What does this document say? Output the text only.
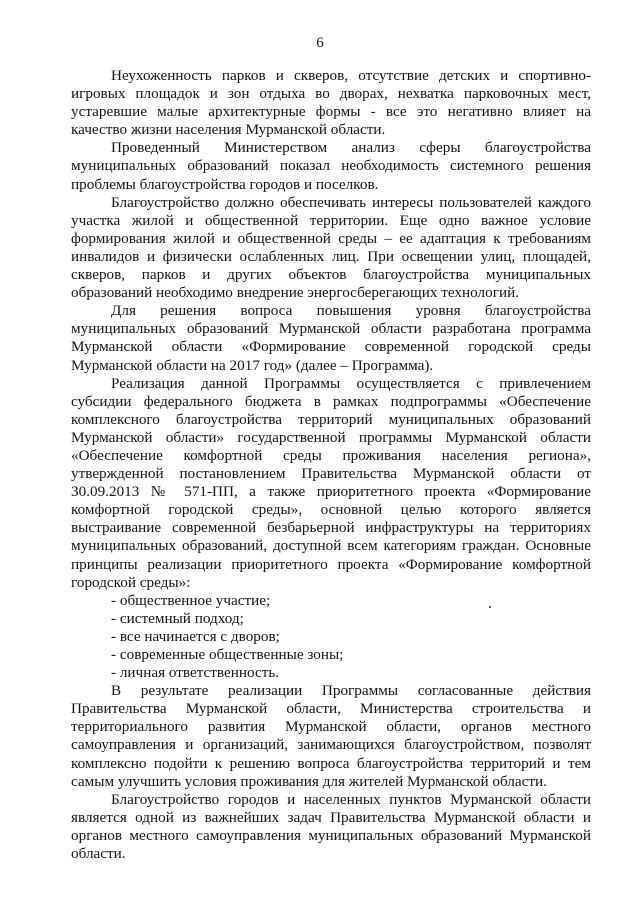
6

Неухоженность парков и скверов, отсутствие детских и спортивно-игровых площадок и зон отдыха во дворах, нехватка парковочных мест, устаревшие малые архитектурные формы - все это негативно влияет на качество жизни населения Мурманской области.

Проведенный Министерством анализ сферы благоустройства муниципальных образований показал необходимость системного решения проблемы благоустройства городов и поселков.

Благоустройство должно обеспечивать интересы пользователей каждого участка жилой и общественной территории. Еще одно важное условие формирования жилой и общественной среды – ее адаптация к требованиям инвалидов и физически ослабленных лиц. При освещении улиц, площадей, скверов, парков и других объектов благоустройства муниципальных образований необходимо внедрение энергосберегающих технологий.

Для решения вопроса повышения уровня благоустройства муниципальных образований Мурманской области разработана программа Мурманской области «Формирование современной городской среды Мурманской области на 2017 год» (далее – Программа).

Реализация данной Программы осуществляется с привлечением субсидии федерального бюджета в рамках подпрограммы «Обеспечение комплексного благоустройства территорий муниципальных образований Мурманской области» государственной программы Мурманской области «Обеспечение комфортной среды проживания населения региона», утвержденной постановлением Правительства Мурманской области от 30.09.2013 № 571-ПП, а также приоритетного проекта «Формирование комфортной городской среды», основной целью которого является выстраивание современной безбарьерной инфраструктуры на территориях муниципальных образований, доступной всем категориям граждан. Основные принципы реализации приоритетного проекта «Формирование комфортной городской среды»:

- общественное участие;
- системный подход;
- все начинается с дворов;
- современные общественные зоны;
- личная ответственность.

В результате реализации Программы согласованные действия Правительства Мурманской области, Министерства строительства и территориального развития Мурманской области, органов местного самоуправления и организаций, занимающихся благоустройством, позволят комплексно подойти к решению вопроса благоустройства территорий и тем самым улучшить условия проживания для жителей Мурманской области.

Благоустройство городов и населенных пунктов Мурманской области является одной из важнейших задач Правительства Мурманской области и органов местного самоуправления муниципальных образований Мурманской области.
